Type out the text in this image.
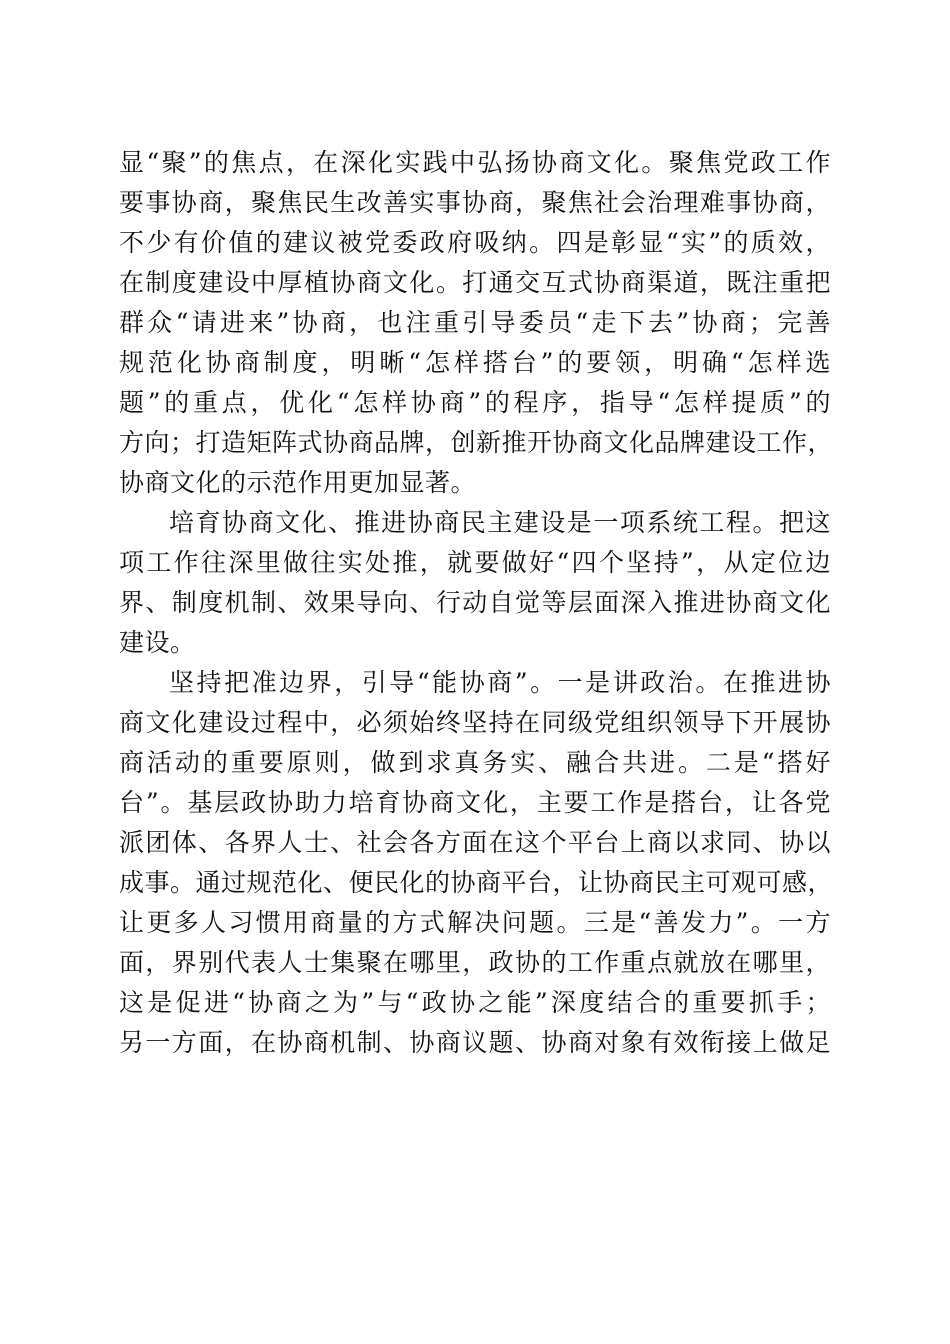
显“聚”的焦点，在深化实践中弘扬协商文化。聚焦党政工作
要事协商，聚焦民生改善实事协商，聚焦社会治理难事协商，
不少有价值的建议被党委政府吸纳。四是彰显“实”的质效，
在制度建设中厚植协商文化。打通交互式协商渠道，既注重把
群众“请进来”协商，也注重引导委员“走下去”协商；完善
规范化协商制度，明晰“怎样搭台”的要领，明确“怎样选
题”的重点，优化“怎样协商”的程序，指导“怎样提质”的
方向；打造矩阵式协商品牌，创新推开协商文化品牌建设工作，
协商文化的示范作用更加显著。
培育协商文化、推进协商民主建设是一项系统工程。把这
项工作往深里做往实处推，就要做好“四个坚持”，从定位边
界、制度机制、效果导向、行动自觉等层面深入推进协商文化
建设。
坚持把准边界，引导“能协商”。一是讲政治。在推进协
商文化建设过程中，必须始终坚持在同级党组织领导下开展协
商活动的重要原则，做到求真务实、融合共进。二是“搭好
台”。基层政协助力培育协商文化，主要工作是搭台，让各党
派团体、各界人士、社会各方面在这个平台上商以求同、协以
成事。通过规范化、便民化的协商平台，让协商民主可观可感，
让更多人习惯用商量的方式解决问题。三是“善发力”。一方
面，界别代表人士集聚在哪里，政协的工作重点就放在哪里，
这是促进“协商之为”与“政协之能”深度结合的重要抓手；
另一方面，在协商机制、协商议题、协商对象有效衔接上做足
